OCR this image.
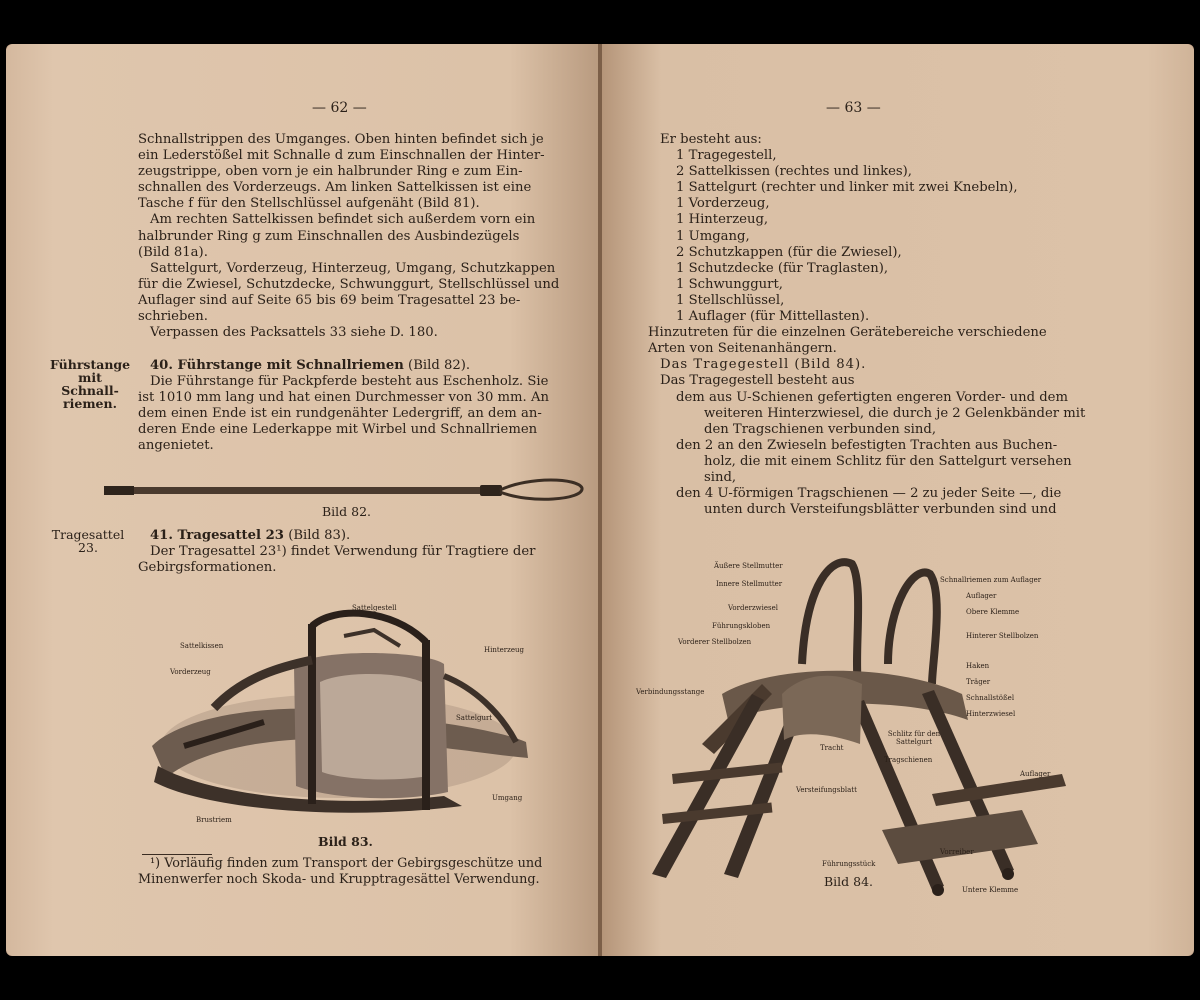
— 62 —
Schnallstrippen des Umganges. Oben hinten befindet sich je
ein Lederstößel mit Schnalle d zum Einschnallen der Hinter-
zeugstrippe, oben vorn je ein halbrunder Ring e zum Ein-
schnallen des Vorderzeugs. Am linken Sattelkissen ist eine
Tasche f für den Stellschlüssel aufgenäht (Bild 81).
Am rechten Sattelkissen befindet sich außerdem vorn ein
halbrunder Ring g zum Einschnallen des Ausbindezügels
(Bild 81a).
Sattelgurt, Vorderzeug, Hinterzeug, Umgang, Schutzkappen
für die Zwiesel, Schutzdecke, Schwunggurt, Stellschlüssel und
Auflager sind auf Seite 65 bis 69 beim Tragesattel 23 be-
schrieben.
Verpassen des Packsattels 33 siehe D. 180.
Führstange mit Schnall-riemen.
40. Führstange mit Schnallriemen (Bild 82).
Die Führstange für Packpferde besteht aus Eschenholz. Sie
ist 1010 mm lang und hat einen Durchmesser von 30 mm. An
dem einen Ende ist ein rundgenähter Ledergriff, an dem an-
deren Ende eine Lederkappe mit Wirbel und Schnallriemen
angenietet.
Bild 82.
Tragesattel 23.
41. Tragesattel 23 (Bild 83).
Der Tragesattel 23¹) findet Verwendung für Tragtiere der
Gebirgsformationen.
Sattelgestell
Sattelkissen
Vorderzeug
Hinterzeug
Sattelgurt
Umgang
Brustriem
Bild 83.
¹) Vorläufig finden zum Transport der Gebirgsgeschütze und
Minenwerfer noch Skoda- und Krupptragesättel Verwendung.
— 63 —
Er besteht aus:
1 Tragegestell,
2 Sattelkissen (rechtes und linkes),
1 Sattelgurt (rechter und linker mit zwei Knebeln),
1 Vorderzeug,
1 Hinterzeug,
1 Umgang,
2 Schutzkappen (für die Zwiesel),
1 Schutzdecke (für Traglasten),
1 Schwunggurt,
1 Stellschlüssel,
1 Auflager (für Mittellasten).
Hinzutreten für die einzelnen Gerätebereiche verschiedene
Arten von Seitenanhängern.
Das Tragegestell (Bild 84).
Das Tragegestell besteht aus
dem aus U-Schienen gefertigten engeren Vorder- und dem
weiteren Hinterzwiesel, die durch je 2 Gelenkbänder mit
den Tragschienen verbunden sind,
den 2 an den Zwieseln befestigten Trachten aus Buchen-
holz, die mit einem Schlitz für den Sattelgurt versehen
sind,
den 4 U-förmigen Tragschienen — 2 zu jeder Seite —, die
unten durch Versteifungsblätter verbunden sind und
Äußere Stellmutter
Innere Stellmutter
Vorderzwiesel
Führungskloben
Vorderer Stellbolzen
Verbindungsstange
Schnallriemen zum Auflager
Auflager
Obere Klemme
Hinterer Stellbolzen
Haken
Träger
Schnallstößel
Hinterzwiesel
Tracht
Schlitz für den Sattelgurt
Tragschienen
Auflager
Versteifungsblatt
Vorreiber
Führungsstück
Untere Klemme
Bild 84.
